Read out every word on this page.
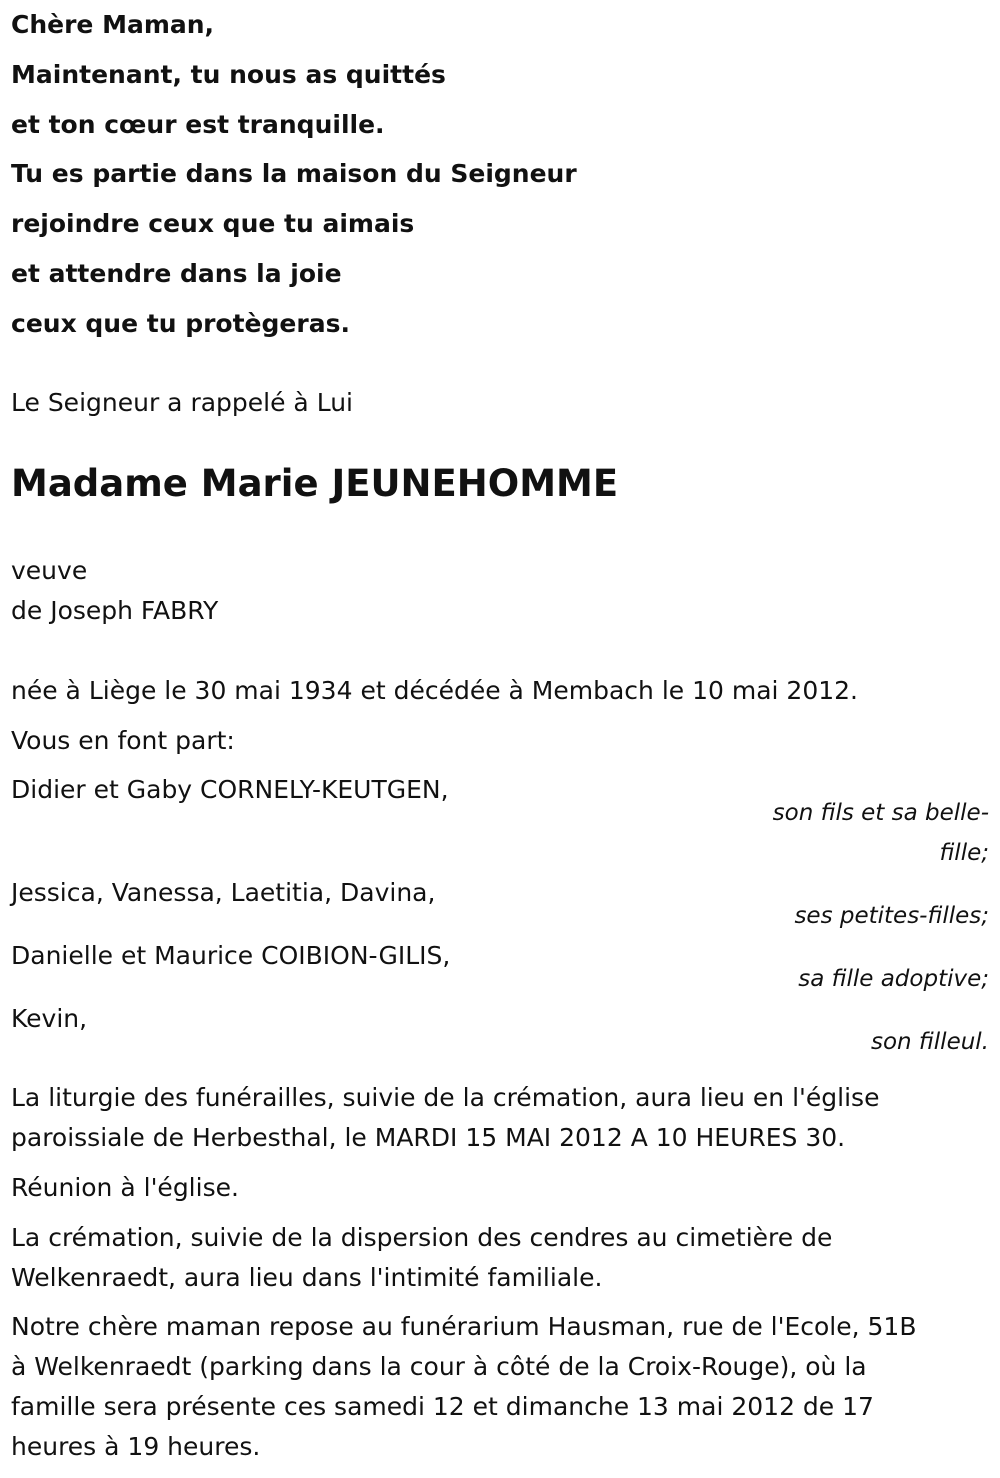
Chère Maman,
Maintenant, tu nous as quittés
et ton cœur est tranquille.
Tu es partie dans la maison du Seigneur
rejoindre ceux que tu aimais
et attendre dans la joie
ceux que tu protègeras.
Le Seigneur a rappelé à Lui
Madame Marie JEUNEHOMME
veuve
de Joseph FABRY
née à Liège le 30 mai 1934 et décédée à Membach le 10 mai 2012.
Vous en font part:
Didier et Gaby CORNELY-KEUTGEN,
son fils et sa belle-
fille;
Jessica, Vanessa, Laetitia, Davina,
ses petites-filles;
Danielle et Maurice COIBION-GILIS,
sa fille adoptive;
Kevin,
son filleul.
La liturgie des funérailles, suivie de la crémation, aura lieu en l'église
paroissiale de Herbesthal, le MARDI 15 MAI 2012 A 10 HEURES 30.
Réunion à l'église.
La crémation, suivie de la dispersion des cendres au cimetière de
Welkenraedt, aura lieu dans l'intimité familiale.
Notre chère maman repose au funérarium Hausman, rue de l'Ecole, 51B
à Welkenraedt (parking dans la cour à côté de la Croix-Rouge), où la
famille sera présente ces samedi 12 et dimanche 13 mai 2012 de 17
heures à 19 heures.
